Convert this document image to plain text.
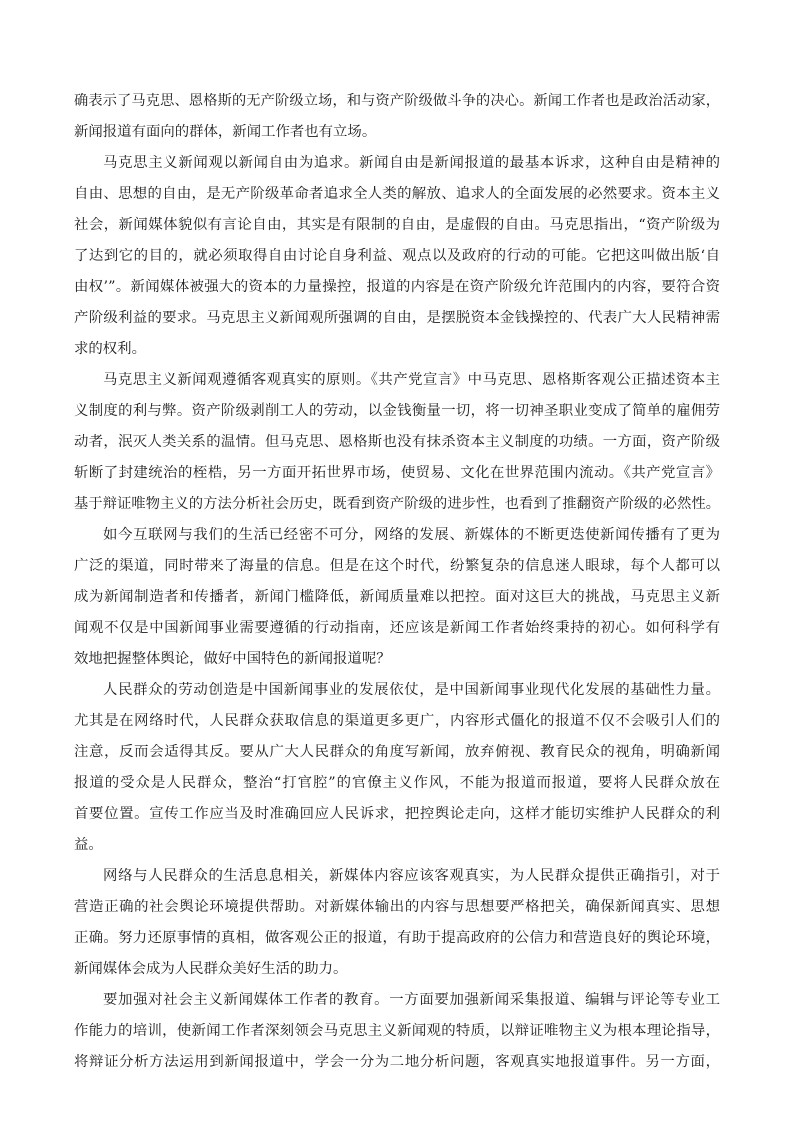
确表示了马克思、恩格斯的无产阶级立场，和与资产阶级做斗争的决心。新闻工作者也是政治活动家，
新闻报道有面向的群体，新闻工作者也有立场。
马克思主义新闻观以新闻自由为追求。新闻自由是新闻报道的最基本诉求，这种自由是精神的
自由、思想的自由，是无产阶级革命者追求全人类的解放、追求人的全面发展的必然要求。资本主义
社会，新闻媒体貌似有言论自由，其实是有限制的自由，是虚假的自由。马克思指出，“资产阶级为
了达到它的目的，就必须取得自由讨论自身利益、观点以及政府的行动的可能。它把这叫做出版‘自
由权’”。新闻媒体被强大的资本的力量操控，报道的内容是在资产阶级允许范围内的内容，要符合资
产阶级利益的要求。马克思主义新闻观所强调的自由，是摆脱资本金钱操控的、代表广大人民精神需
求的权利。
马克思主义新闻观遵循客观真实的原则。《共产党宣言》中马克思、恩格斯客观公正描述资本主
义制度的利与弊。资产阶级剥削工人的劳动，以金钱衡量一切，将一切神圣职业变成了简单的雇佣劳
动者，泯灭人类关系的温情。但马克思、恩格斯也没有抹杀资本主义制度的功绩。一方面，资产阶级
斩断了封建统治的桎梏，另一方面开拓世界市场，使贸易、文化在世界范围内流动。《共产党宣言》
基于辩证唯物主义的方法分析社会历史，既看到资产阶级的进步性，也看到了推翻资产阶级的必然性。
如今互联网与我们的生活已经密不可分，网络的发展、新媒体的不断更迭使新闻传播有了更为
广泛的渠道，同时带来了海量的信息。但是在这个时代，纷繁复杂的信息迷人眼球，每个人都可以
成为新闻制造者和传播者，新闻门槛降低，新闻质量难以把控。面对这巨大的挑战，马克思主义新
闻观不仅是中国新闻事业需要遵循的行动指南，还应该是新闻工作者始终秉持的初心。如何科学有
效地把握整体舆论，做好中国特色的新闻报道呢？
人民群众的劳动创造是中国新闻事业的发展依仗，是中国新闻事业现代化发展的基础性力量。
尤其是在网络时代，人民群众获取信息的渠道更多更广，内容形式僵化的报道不仅不会吸引人们的
注意，反而会适得其反。要从广大人民群众的角度写新闻，放弃俯视、教育民众的视角，明确新闻
报道的受众是人民群众，整治“打官腔”的官僚主义作风，不能为报道而报道，要将人民群众放在
首要位置。宣传工作应当及时准确回应人民诉求，把控舆论走向，这样才能切实维护人民群众的利
益。
网络与人民群众的生活息息相关，新媒体内容应该客观真实，为人民群众提供正确指引，对于
营造正确的社会舆论环境提供帮助。对新媒体输出的内容与思想要严格把关，确保新闻真实、思想
正确。努力还原事情的真相，做客观公正的报道，有助于提高政府的公信力和营造良好的舆论环境，
新闻媒体会成为人民群众美好生活的助力。
要加强对社会主义新闻媒体工作者的教育。一方面要加强新闻采集报道、编辑与评论等专业工
作能力的培训，使新闻工作者深刻领会马克思主义新闻观的特质，以辩证唯物主义为根本理论指导，
将辩证分析方法运用到新闻报道中，学会一分为二地分析问题，客观真实地报道事件。另一方面，
